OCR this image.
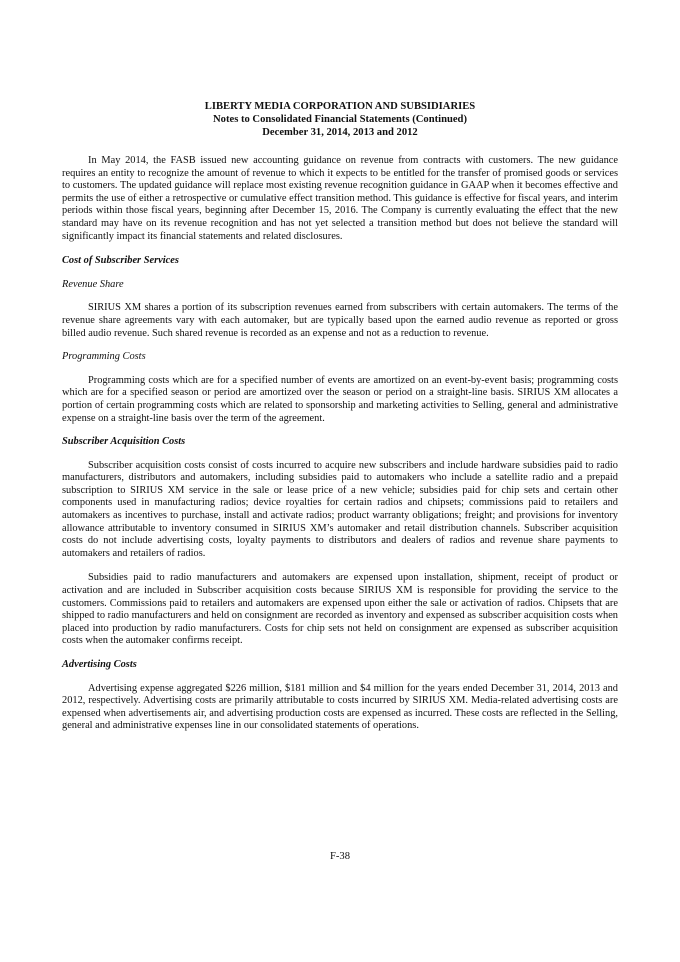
LIBERTY MEDIA CORPORATION AND SUBSIDIARIES
Notes to Consolidated Financial Statements (Continued)
December 31, 2014, 2013 and 2012

In May 2014, the FASB issued new accounting guidance on revenue from contracts with customers. The new guidance requires an entity to recognize the amount of revenue to which it expects to be entitled for the transfer of promised goods or services to customers. The updated guidance will replace most existing revenue recognition guidance in GAAP when it becomes effective and permits the use of either a retrospective or cumulative effect transition method. This guidance is effective for fiscal years, and interim periods within those fiscal years, beginning after December 15, 2016. The Company is currently evaluating the effect that the new standard may have on its revenue recognition and has not yet selected a transition method but does not believe the standard will significantly impact its financial statements and related disclosures.

Cost of Subscriber Services
Revenue Share

SIRIUS XM shares a portion of its subscription revenues earned from subscribers with certain automakers. The terms of the revenue share agreements vary with each automaker, but are typically based upon the earned audio revenue as reported or gross billed audio revenue. Such shared revenue is recorded as an expense and not as a reduction to revenue.

Programming Costs

Programming costs which are for a specified number of events are amortized on an event-by-event basis; programming costs which are for a specified season or period are amortized over the season or period on a straight-line basis. SIRIUS XM allocates a portion of certain programming costs which are related to sponsorship and marketing activities to Selling, general and administrative expense on a straight-line basis over the term of the agreement.

Subscriber Acquisition Costs

Subscriber acquisition costs consist of costs incurred to acquire new subscribers and include hardware subsidies paid to radio manufacturers, distributors and automakers, including subsidies paid to automakers who include a satellite radio and a prepaid subscription to SIRIUS XM service in the sale or lease price of a new vehicle; subsidies paid for chip sets and certain other components used in manufacturing radios; device royalties for certain radios and chipsets; commissions paid to retailers and automakers as incentives to purchase, install and activate radios; product warranty obligations; freight; and provisions for inventory allowance attributable to inventory consumed in SIRIUS XM’s automaker and retail distribution channels. Subscriber acquisition costs do not include advertising costs, loyalty payments to distributors and dealers of radios and revenue share payments to automakers and retailers of radios.

Subsidies paid to radio manufacturers and automakers are expensed upon installation, shipment, receipt of product or activation and are included in Subscriber acquisition costs because SIRIUS XM is responsible for providing the service to the customers. Commissions paid to retailers and automakers are expensed upon either the sale or activation of radios. Chipsets that are shipped to radio manufacturers and held on consignment are recorded as inventory and expensed as subscriber acquisition costs when placed into production by radio manufacturers. Costs for chip sets not held on consignment are expensed as subscriber acquisition costs when the automaker confirms receipt.

Advertising Costs

Advertising expense aggregated $226 million, $181 million and $4 million for the years ended December 31, 2014, 2013 and 2012, respectively. Advertising costs are primarily attributable to costs incurred by SIRIUS XM. Media-related advertising costs are expensed when advertisements air, and advertising production costs are expensed as incurred. These costs are reflected in the Selling, general and administrative expenses line in our consolidated statements of operations.

F-38
